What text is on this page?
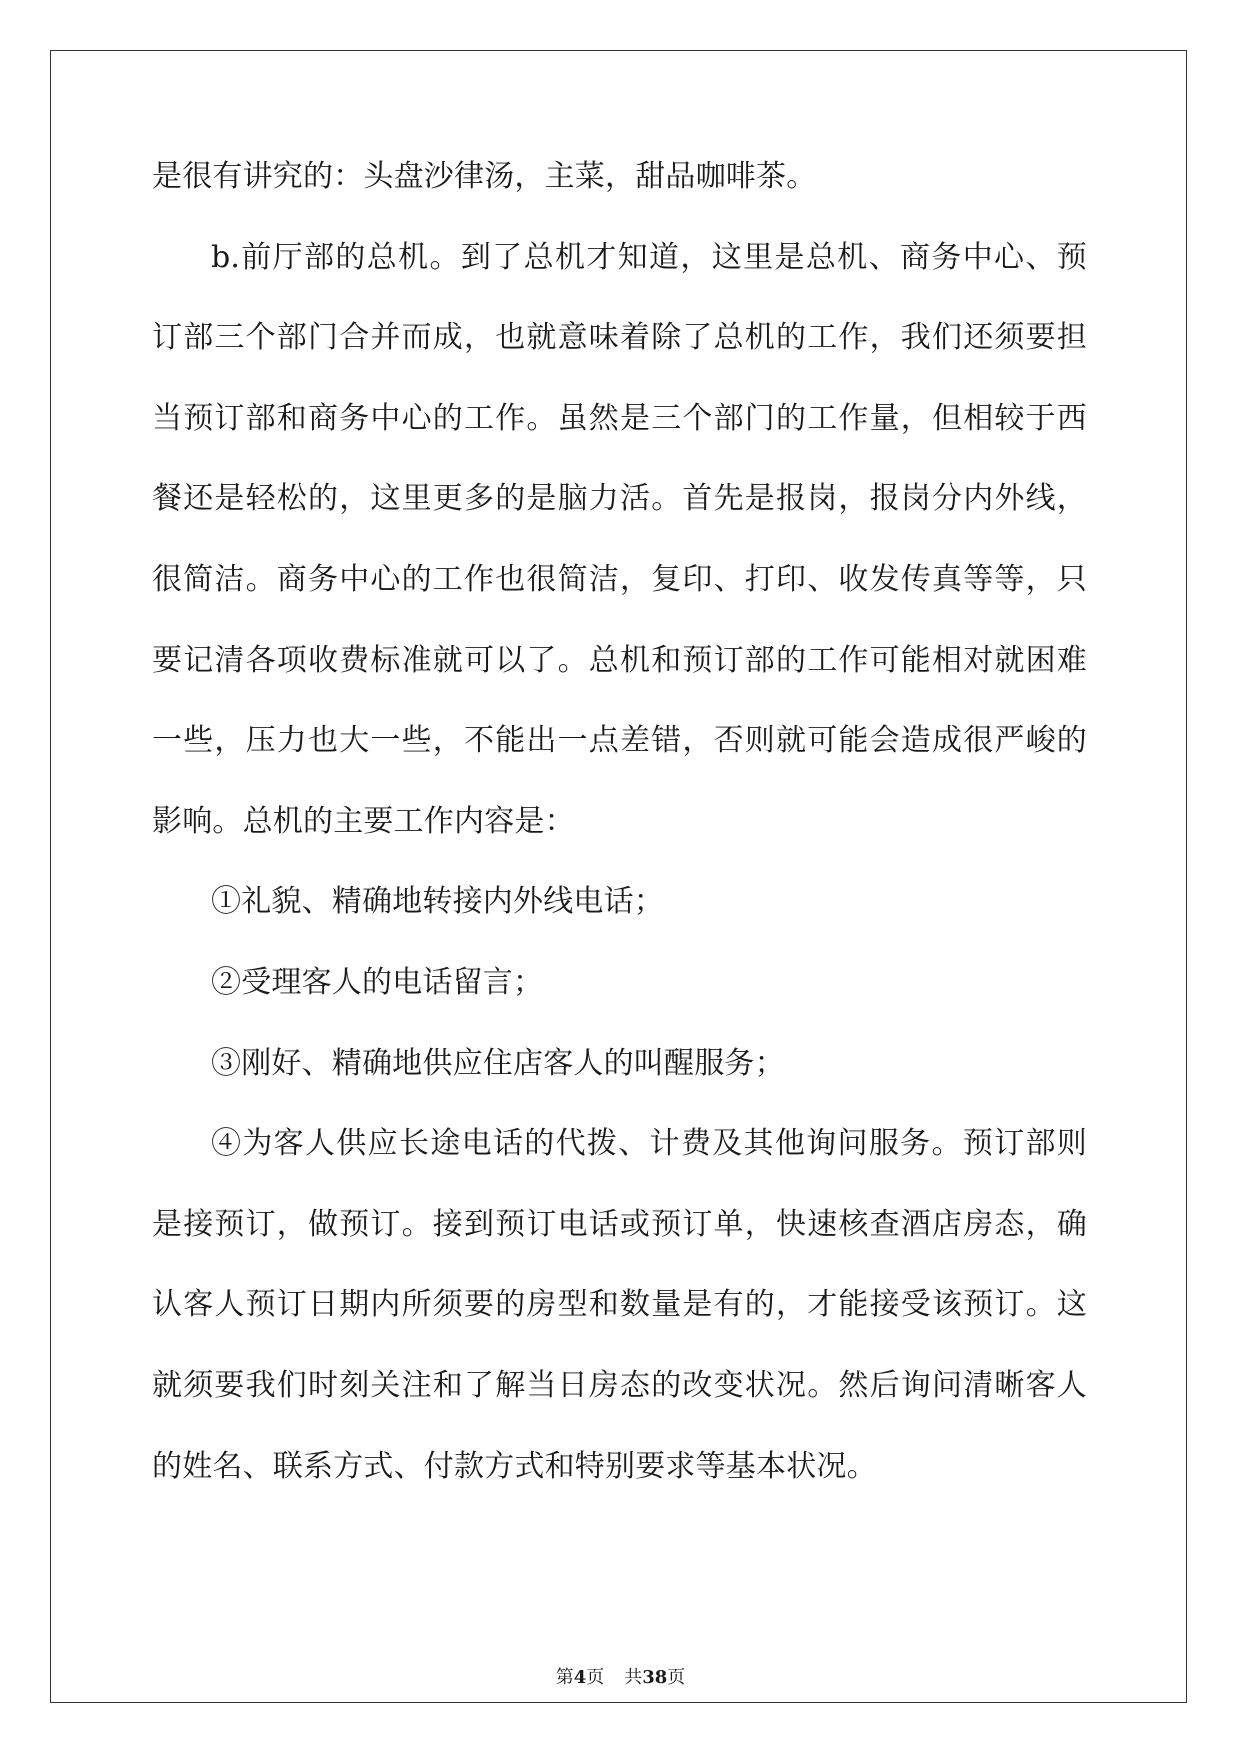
是很有讲究的：头盘沙律汤，主菜，甜品咖啡茶。
b.前厅部的总机。到了总机才知道，这里是总机、商务中心、预
订部三个部门合并而成，也就意味着除了总机的工作，我们还须要担
当预订部和商务中心的工作。虽然是三个部门的工作量，但相较于西
餐还是轻松的，这里更多的是脑力活。首先是报岗，报岗分内外线，
很简洁。商务中心的工作也很简洁，复印、打印、收发传真等等，只
要记清各项收费标准就可以了。总机和预订部的工作可能相对就困难
一些，压力也大一些，不能出一点差错，否则就可能会造成很严峻的
影响。总机的主要工作内容是：
①礼貌、精确地转接内外线电话；
②受理客人的电话留言；
③刚好、精确地供应住店客人的叫醒服务；
④为客人供应长途电话的代拨、计费及其他询问服务。预订部则
是接预订，做预订。接到预订电话或预订单，快速核查酒店房态，确
认客人预订日期内所须要的房型和数量是有的，才能接受该预订。这
就须要我们时刻关注和了解当日房态的改变状况。然后询问清晰客人
的姓名、联系方式、付款方式和特别要求等基本状况。
第4页 共38页
